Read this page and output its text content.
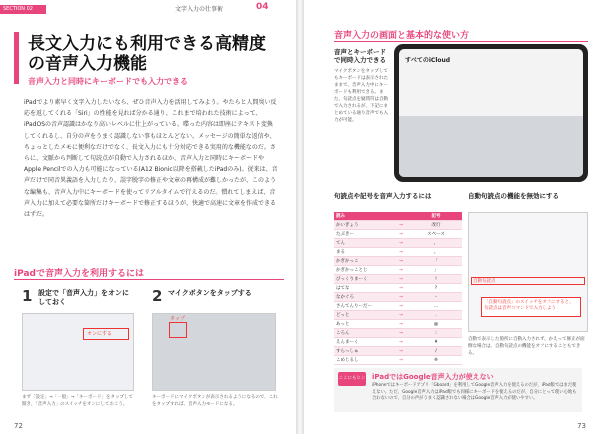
SECTION 02	文字入力の仕事術	04
長文入力にも利用できる高精度の音声入力機能
音声入力と同時にキーボードでも入力できる
iPadでより素早く文字入力したいなら、ぜひ音声入力を活用してみよう。やたらと人間臭い反応を返してくれる「Siri」の性能を見れば分かる通り、これまで培われた技術によって、iPadOSの音声認識はかなり高いレベルに仕上がっている。喋った内容は即座にテキスト変換してくれるし、自分の声をうまく認識しない事もほとんどない。メッセージの簡単な返信や、ちょっとしたメモに便利なだけでなく、長文入力にも十分対応できる実用的な機能なのだ。さらに、文脈から判断して句読点が自動で入力されるほか、音声入力と同時にキーボードやApple Pencilでの入力も可能になっている(A12 Bionic以降を搭載したiPadのみ)。従来は、音声だけで同音異義語を入力したり、誤字脱字の修正や文章の再構成が難しかったが、このような編集も、音声入力中にキーボードを使ってリアルタイムで行えるのだ。慣れてしまえば、音声入力に加えて必要な箇所だけキーボードで修正するほうが、快適で高速に文章を作成できるはずだ。
iPadで音声入力を利用するには
1 設定で「音声入力」をオンにしておく
オンにする
まず「設定」→「一般」→「キーボード」をタップして開き、「音声入力」のスイッチをオンにしておこう。
2 マイクボタンをタップする
タップ
キーボードにマイクボタンが表示されるようになるので、これをタップすれば、音声入力モードになる。
72
音声入力の画面と基本的な使い方
音声とキーボードで同時入力できる
マイクボタンをタップしてもキーボードは表示されたままで、音声入力中にキーボードも利用できる。また、句読点を疑問符は自動で入力されるが、下記にまとめている通り音声でも入力が可能。
すべてのiCloud
句読点や記号を音声入力するには
読み	記号
かいぎょう	→	改行
たぶきー	→	スペース
てん	→	、
まる	→	。
かぎかっこ	→	「
かぎかっことじ	→	」
びっくりまーく	→	!
はてな	→	?
なかぐろ	→	・
さんてんりーだー	→	…
どっと	→	.
あっと	→	@
ころん	→	:
えんまーく	→	¥
すらっしゅ	→	/
こめじるし	→	※
自動句読点の機能を無効にする
自動句読点
「自動句読点」のスイッチをオフにすると、句読点は音声コマンドで入力しよう
自動で表示した箇所に自動入力されず、かえって修正が面倒な場合は、自動句読点の機能をオフにすることもできる。
ここにもヒント
iPadではGoogle音声入力が使えない
iPhoneではキーボードアプリ「Gboard」を利用してGoogle音声入力を使えるのだが、iPad版ではまだ使えない。ただ、Google音声入力はiPad版でも同様にキーボードを使えるのだが、自分にとって使い心地も合わないので、自分の声がうまく認識されない場合はGoogle音声入力が使いやすい。
73
